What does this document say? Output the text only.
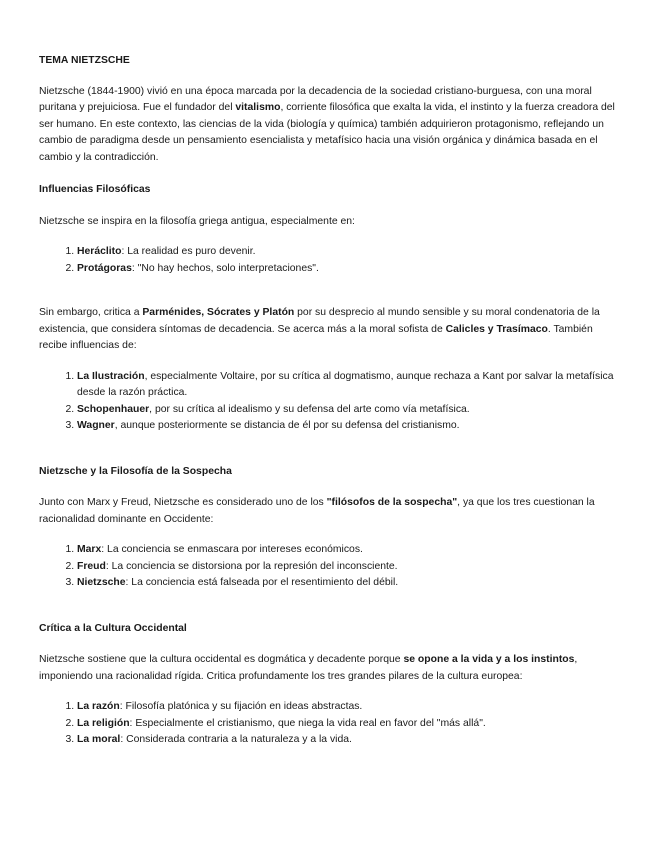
TEMA NIETZSCHE

Nietzsche (1844-1900) vivió en una época marcada por la decadencia de la sociedad cristiano-burguesa, con una moral puritana y prejuiciosa. Fue el fundador del vitalismo, corriente filosófica que exalta la vida, el instinto y la fuerza creadora del ser humano. En este contexto, las ciencias de la vida (biología y química) también adquirieron protagonismo, reflejando un cambio de paradigma desde un pensamiento esencialista y metafísico hacia una visión orgánica y dinámica basada en el cambio y la contradicción.

Influencias Filosóficas

Nietzsche se inspira en la filosofía griega antigua, especialmente en:

1. Heráclito: La realidad es puro devenir.
2. Protágoras: "No hay hechos, solo interpretaciones".

Sin embargo, critica a Parménides, Sócrates y Platón por su desprecio al mundo sensible y su moral condenatoria de la existencia, que considera síntomas de decadencia. Se acerca más a la moral sofista de Calicles y Trasímaco. También recibe influencias de:

1. La Ilustración, especialmente Voltaire, por su crítica al dogmatismo, aunque rechaza a Kant por salvar la metafísica desde la razón práctica.
2. Schopenhauer, por su crítica al idealismo y su defensa del arte como vía metafísica.
3. Wagner, aunque posteriormente se distancia de él por su defensa del cristianismo.
Nietzsche y la Filosofía de la Sospecha

Junto con Marx y Freud, Nietzsche es considerado uno de los "filósofos de la sospecha", ya que los tres cuestionan la racionalidad dominante en Occidente:

1. Marx: La conciencia se enmascara por intereses económicos.
2. Freud: La conciencia se distorsiona por la represión del inconsciente.
3. Nietzsche: La conciencia está falseada por el resentimiento del débil.
Crítica a la Cultura Occidental

Nietzsche sostiene que la cultura occidental es dogmática y decadente porque se opone a la vida y a los instintos, imponiendo una racionalidad rígida. Critica profundamente los tres grandes pilares de la cultura europea:

1. La razón: Filosofía platónica y su fijación en ideas abstractas.
2. La religión: Especialmente el cristianismo, que niega la vida real en favor del "más allá".
3. La moral: Considerada contraria a la naturaleza y a la vida.
